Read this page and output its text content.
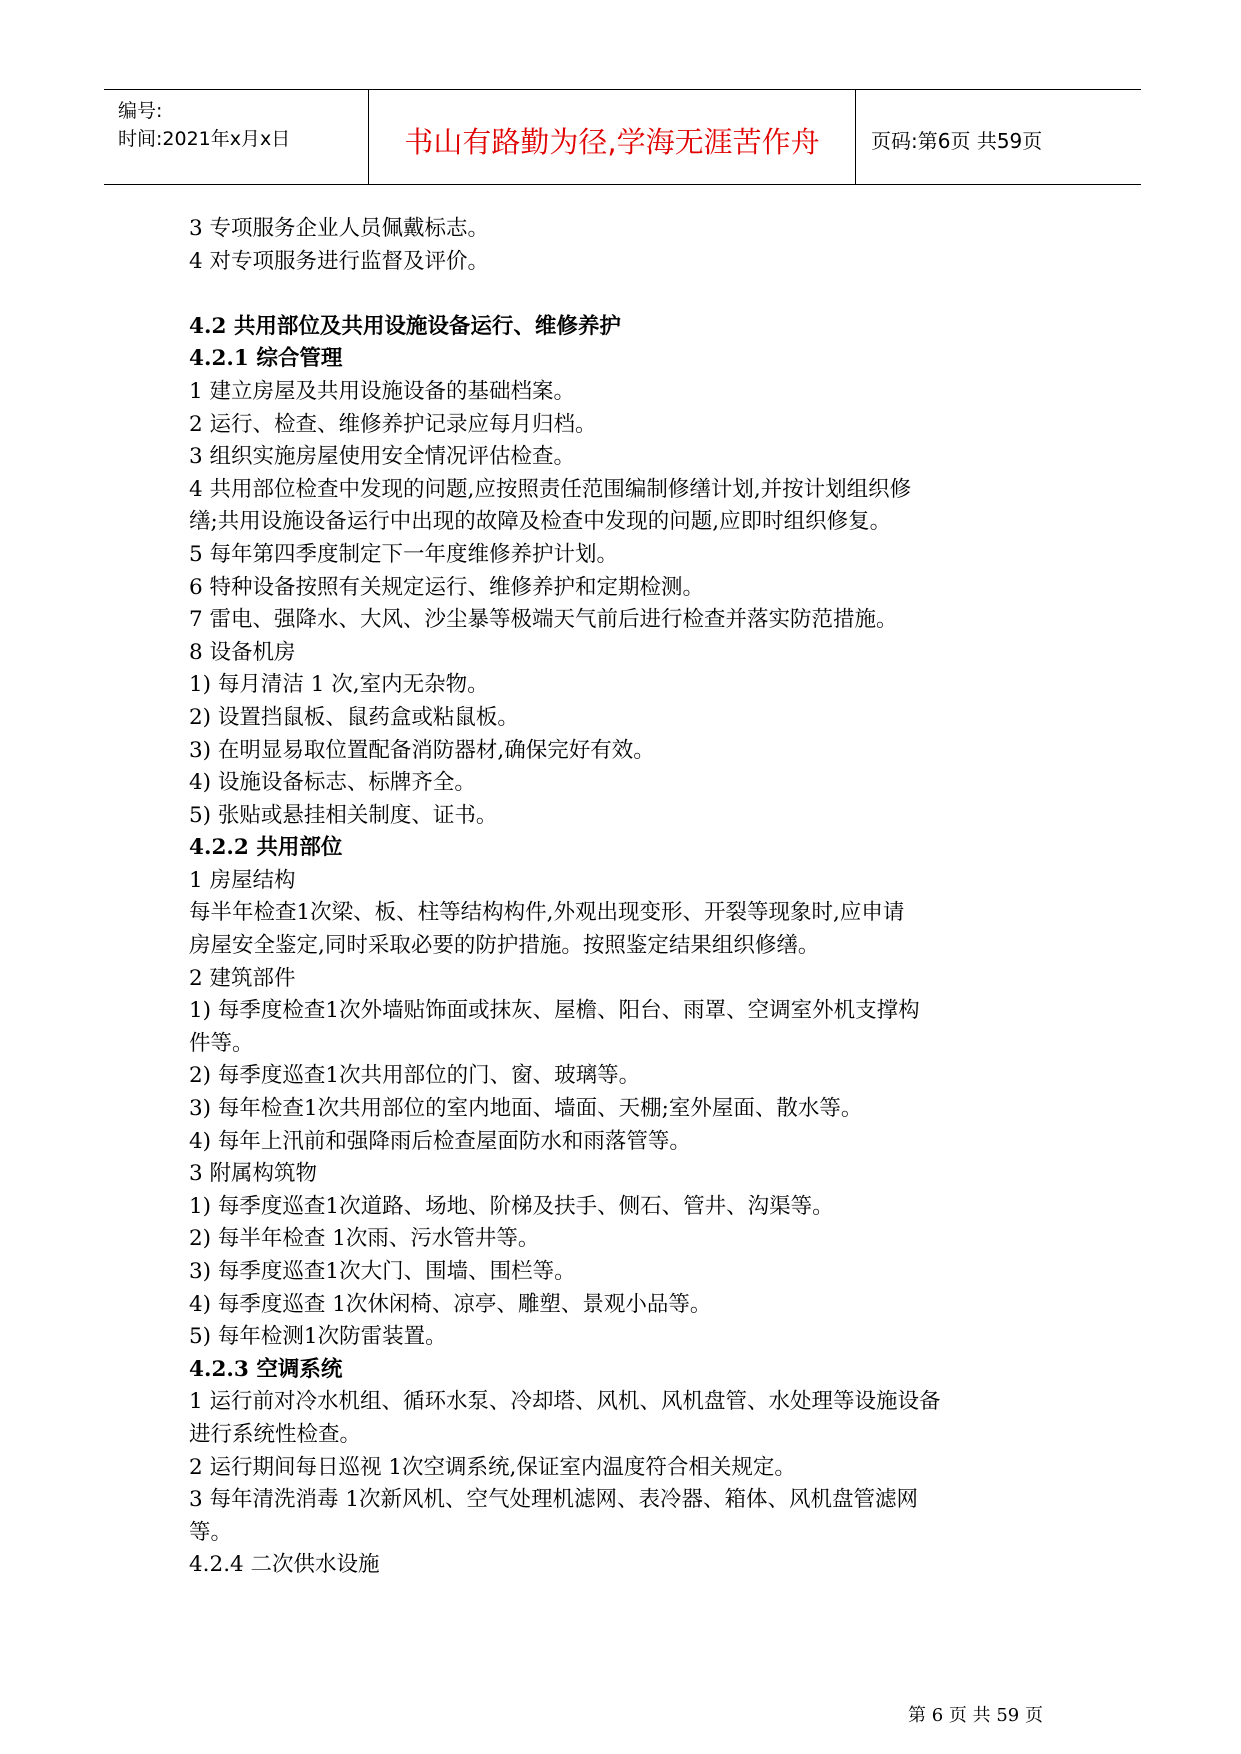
编号:
时间:2021年x月x日	书山有路勤为径,学海无涯苦作舟	页码:第6页 共59页
3 专项服务企业人员佩戴标志。
4 对专项服务进行监督及评价。
4.2 共用部位及共用设施设备运行、维修养护
4.2.1 综合管理
1 建立房屋及共用设施设备的基础档案。
2 运行、检查、维修养护记录应每月归档。
3 组织实施房屋使用安全情况评估检查。
4 共用部位检查中发现的问题,应按照责任范围编制修缮计划,并按计划组织修
缮;共用设施设备运行中出现的故障及检查中发现的问题,应即时组织修复。
5 每年第四季度制定下一年度维修养护计划。
6 特种设备按照有关规定运行、维修养护和定期检测。
7 雷电、强降水、大风、沙尘暴等极端天气前后进行检查并落实防范措施。
8 设备机房
1) 每月清洁 1 次,室内无杂物。
2) 设置挡鼠板、鼠药盒或粘鼠板。
3) 在明显易取位置配备消防器材,确保完好有效。
4) 设施设备标志、标牌齐全。
5) 张贴或悬挂相关制度、证书。
4.2.2 共用部位
1 房屋结构
每半年检查1次梁、板、柱等结构构件,外观出现变形、开裂等现象时,应申请
房屋安全鉴定,同时采取必要的防护措施。按照鉴定结果组织修缮。
2 建筑部件
1) 每季度检查1次外墙贴饰面或抹灰、屋檐、阳台、雨罩、空调室外机支撑构
件等。
2) 每季度巡查1次共用部位的门、窗、玻璃等。
3) 每年检查1次共用部位的室内地面、墙面、天棚;室外屋面、散水等。
4) 每年上汛前和强降雨后检查屋面防水和雨落管等。
3 附属构筑物
1) 每季度巡查1次道路、场地、阶梯及扶手、侧石、管井、沟渠等。
2) 每半年检查 1次雨、污水管井等。
3) 每季度巡查1次大门、围墙、围栏等。
4) 每季度巡查 1次休闲椅、凉亭、雕塑、景观小品等。
5) 每年检测1次防雷装置。
4.2.3 空调系统
1 运行前对冷水机组、循环水泵、冷却塔、风机、风机盘管、水处理等设施设备
进行系统性检查。
2 运行期间每日巡视 1次空调系统,保证室内温度符合相关规定。
3 每年清洗消毒 1次新风机、空气处理机滤网、表冷器、箱体、风机盘管滤网
等。
4.2.4 二次供水设施
第 6 页 共 59 页
